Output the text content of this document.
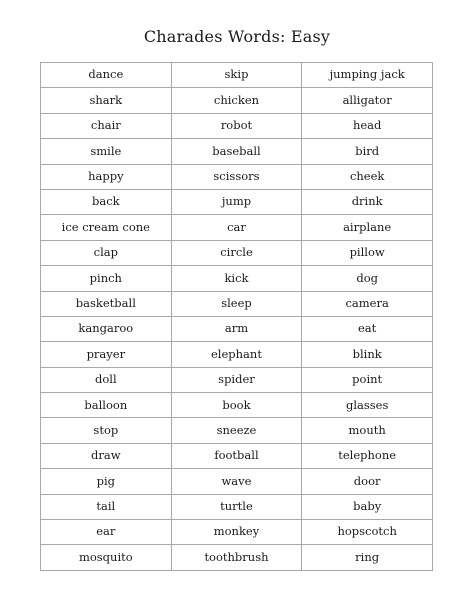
Charades Words: Easy
dance	skip	jumping jack
shark	chicken	alligator
chair	robot	head
smile	baseball	bird
happy	scissors	cheek
back	jump	drink
ice cream cone	car	airplane
clap	circle	pillow
pinch	kick	dog
basketball	sleep	camera
kangaroo	arm	eat
prayer	elephant	blink
doll	spider	point
balloon	book	glasses
stop	sneeze	mouth
draw	football	telephone
pig	wave	door
tail	turtle	baby
ear	monkey	hopscotch
mosquito	toothbrush	ring
